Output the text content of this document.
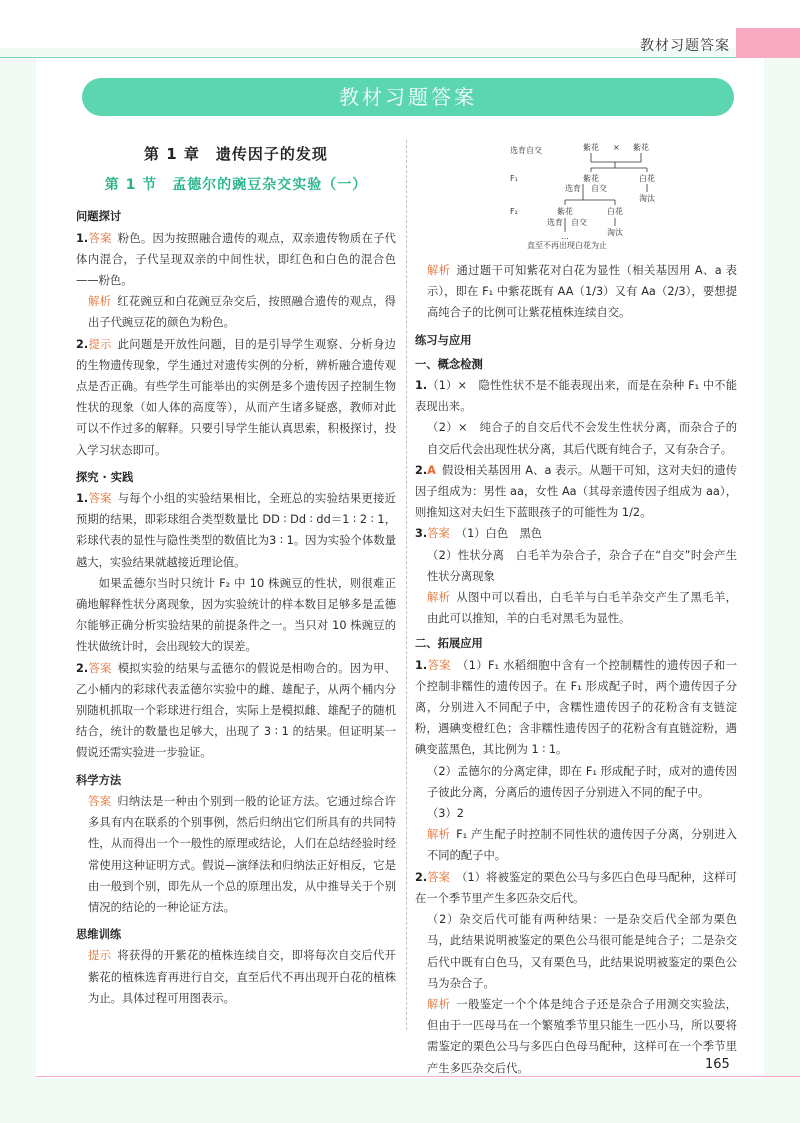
教材习题答案
教材习题答案
第 1 章　遗传因子的发现
第 1 节　孟德尔的豌豆杂交实验（一）
问题探讨
1.答案 粉色。因为按照融合遗传的观点，双亲遗传物质在子代体内混合，子代呈现双亲的中间性状，即红色和白色的混合色——粉色。
解析 红花豌豆和白花豌豆杂交后，按照融合遗传的观点，得出子代豌豆花的颜色为粉色。
2.提示 此问题是开放性问题，目的是引导学生观察、分析身边的生物遗传现象，学生通过对遗传实例的分析，辨析融合遗传观点是否正确。有些学生可能举出的实例是多个遗传因子控制生物性状的现象（如人体的高度等），从而产生诸多疑惑，教师对此可以不作过多的解释。只要引导学生能认真思索，积极探讨，投入学习状态即可。
探究 · 实践
1.答案 与每个小组的实验结果相比，全班总的实验结果更接近预期的结果，即彩球组合类型数量比 DD ∶ Dd ∶ dd＝1 ∶ 2 ∶ 1，彩球代表的显性与隐性类型的数值比为3 ∶ 1。因为实验个体数量越大，实验结果就越接近理论值。
如果孟德尔当时只统计 F₂ 中 10 株豌豆的性状，则很难正确地解释性状分离现象，因为实验统计的样本数目足够多是孟德尔能够正确分析实验结果的前提条件之一。当只对 10 株豌豆的性状做统计时，会出现较大的误差。
2.答案 模拟实验的结果与孟德尔的假说是相吻合的。因为甲、乙小桶内的彩球代表孟德尔实验中的雌、雄配子，从两个桶内分别随机抓取一个彩球进行组合，实际上是模拟雌、雄配子的随机结合，统计的数量也足够大，出现了 3 ∶ 1 的结果。但证明某一假说还需实验进一步验证。
科学方法
答案 归纳法是一种由个别到一般的论证方法。它通过综合许多具有内在联系的个别事例，然后归纳出它们所具有的共同特性，从而得出一个一般性的原理或结论，人们在总结经验时经常使用这种证明方式。假说—演绎法和归纳法正好相反，它是由一般到个别，即先从一个总的原理出发，从中推导关于个别情况的结论的一种论证方法。
思维训练
提示 将获得的开紫花的植株连续自交，即将每次自交后代开紫花的植株选育再进行自交，直至后代不再出现开白花的植株为止。具体过程可用图表示。
选育自交	紫花 × 紫花
F₁	紫花	白花
选育 自交
淘汰
F₂	紫花	白花
选育 自交
淘汰
…
直至不再出现白花为止
解析 通过题干可知紫花对白花为显性（相关基因用 A、a 表示），即在 F₁ 中紫花既有 AA（1/3）又有 Aa（2/3），要想提高纯合子的比例可让紫花植株连续自交。
练习与应用
一、概念检测
1.（1）×　隐性性状不是不能表现出来，而是在杂种 F₁ 中不能表现出来。
（2）×　纯合子的自交后代不会发生性状分离，而杂合子的自交后代会出现性状分离，其后代既有纯合子，又有杂合子。
2.A 假设相关基因用 A、a 表示。从题干可知，这对夫妇的遗传因子组成为：男性 aa，女性 Aa（其母亲遗传因子组成为 aa），则推知这对夫妇生下蓝眼孩子的可能性为 1/2。
3.答案 （1）白色　黑色
（2）性状分离　白毛羊为杂合子，杂合子在“自交”时会产生性状分离现象
解析 从图中可以看出，白毛羊与白毛羊杂交产生了黑毛羊，由此可以推知，羊的白毛对黑毛为显性。
二、拓展应用
1.答案 （1）F₁ 水稻细胞中含有一个控制糯性的遗传因子和一个控制非糯性的遗传因子。在 F₁ 形成配子时，两个遗传因子分离，分别进入不同配子中，含糯性遗传因子的花粉含有支链淀粉，遇碘变橙红色；含非糯性遗传因子的花粉含有直链淀粉，遇碘变蓝黑色，其比例为 1 ∶ 1。
（2）孟德尔的分离定律，即在 F₁ 形成配子时，成对的遗传因子彼此分离，分离后的遗传因子分别进入不同的配子中。
（3）2
解析 F₁ 产生配子时控制不同性状的遗传因子分离，分别进入不同的配子中。
2.答案 （1）将被鉴定的栗色公马与多匹白色母马配种，这样可在一个季节里产生多匹杂交后代。
（2）杂交后代可能有两种结果：一是杂交后代全部为栗色马，此结果说明被鉴定的栗色公马很可能是纯合子；二是杂交后代中既有白色马，又有栗色马，此结果说明被鉴定的栗色公马为杂合子。
解析 一般鉴定一个个体是纯合子还是杂合子用测交实验法，但由于一匹母马在一个繁殖季节里只能生一匹小马，所以要将需鉴定的栗色公马与多匹白色母马配种，这样可在一个季节里产生多匹杂交后代。	165
